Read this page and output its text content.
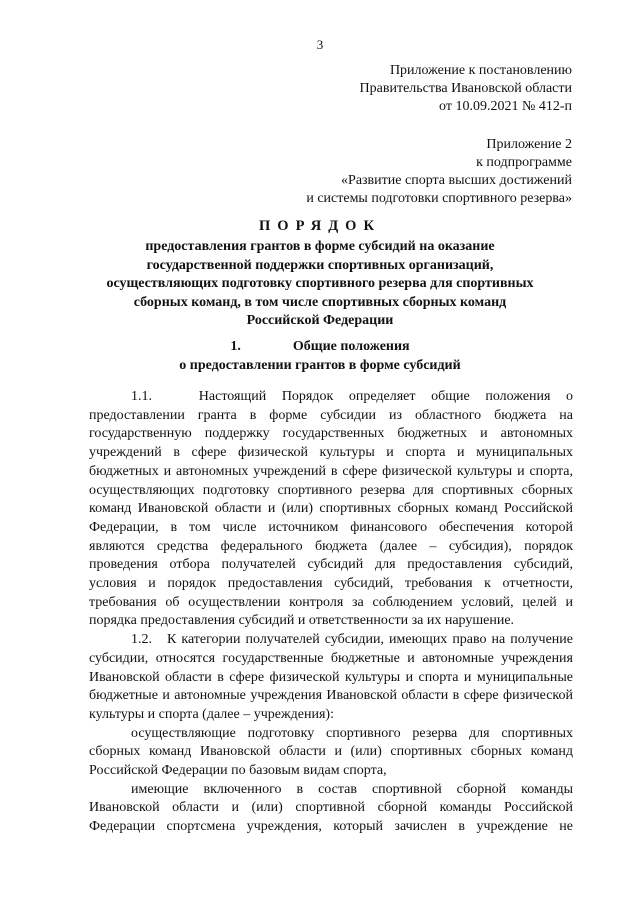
3
Приложение к постановлению
Правительства Ивановской области
от 10.09.2021 № 412-п
Приложение 2
к подпрограмме
«Развитие спорта высших достижений
и системы подготовки спортивного резерва»
ПОРЯДОК
предоставления грантов в форме субсидий на оказание
государственной поддержки спортивных организаций,
осуществляющих подготовку спортивного резерва для спортивных
сборных команд, в том числе спортивных сборных команд
Российской Федерации
1.	Общие положения
о предоставлении грантов в форме субсидий

1.1.   Настоящий Порядок определяет общие положения о предоставлении гранта в форме субсидии из областного бюджета на государственную поддержку государственных бюджетных и автономных учреждений в сфере физической культуры и спорта и муниципальных бюджетных и автономных учреждений в сфере физической культуры и спорта, осуществляющих подготовку спортивного резерва для спортивных сборных команд Ивановской области и (или) спортивных сборных команд Российской Федерации, в том числе источником финансового обеспечения которой являются средства федерального бюджета (далее – субсидия), порядок проведения отбора получателей субсидий для предоставления субсидий, условия и порядок предоставления субсидий, требования к отчетности, требования об осуществлении контроля за соблюдением условий, целей и порядка предоставления субсидий и ответственности за их нарушение.

1.2.   К категории получателей субсидии, имеющих право на получение субсидии, относятся государственные бюджетные и автономные учреждения Ивановской области в сфере физической культуры и спорта и муниципальные бюджетные и автономные учреждения Ивановской области в сфере физической культуры и спорта (далее – учреждения):

осуществляющие подготовку спортивного резерва для спортивных сборных команд Ивановской области и (или) спортивных сборных команд Российской Федерации по базовым видам спорта,

имеющие включенного в состав спортивной сборной команды Ивановской области и (или) спортивной сборной команды Российской Федерации спортсмена учреждения, который зачислен в учреждение не
